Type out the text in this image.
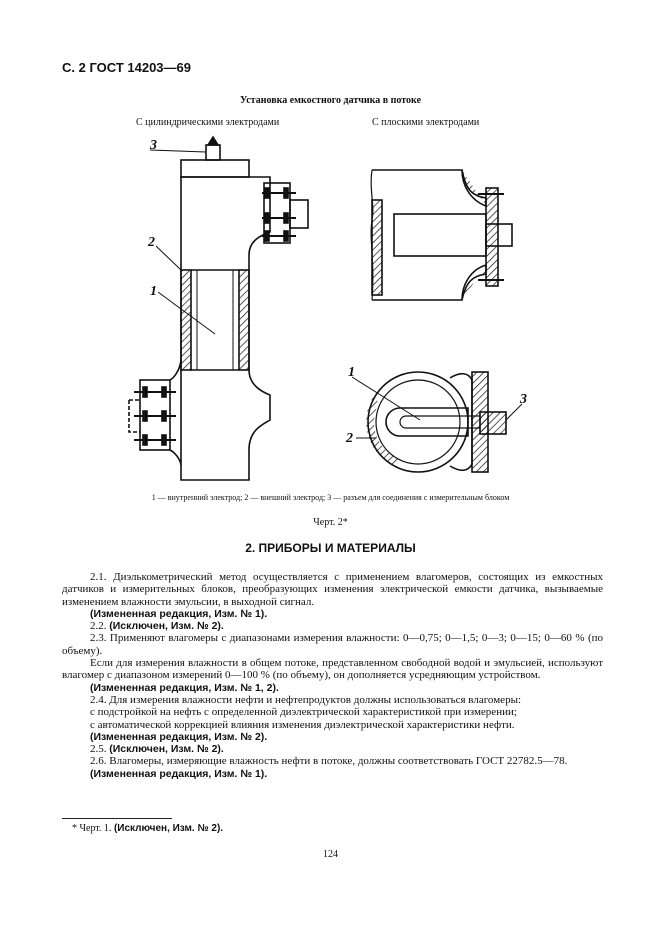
С. 2 ГОСТ 14203—69
Установка емкостного датчика в потоке
С цилиндрическими электродами	С плоскими электродами
3
2
1
1
2
3
1 — внутренний электрод; 2 — внешний электрод; 3 — разъем для соединения с измерительным блоком
Черт. 2*
2. ПРИБОРЫ И МАТЕРИАЛЫ

2.1. Диэлькометрический метод осуществляется с применением влагомеров, состоящих из емкостных датчиков и измерительных блоков, преобразующих изменения электрической емкости датчика, вызываемые изменением влажности эмульсии, в выходной сигнал.

(Измененная редакция, Изм. № 1).

2.2. (Исключен, Изм. № 2).

2.3. Применяют влагомеры с диапазонами измерения влажности: 0—0,75; 0—1,5; 0—3; 0—15; 0—60 % (по объему).

Если для измерения влажности в общем потоке, представленном свободной водой и эмульсией, используют влагомер с диапазоном измерений 0—100 % (по объему), он дополняется усредняющим устройством.

(Измененная редакция, Изм. № 1, 2).

2.4. Для измерения влажности нефти и нефтепродуктов должны использоваться влагомеры:

с подстройкой на нефть с определенной диэлектрической характеристикой при измерении;

с автоматической коррекцией влияния изменения диэлектрической характеристики нефти.

(Измененная редакция, Изм. № 2).

2.5. (Исключен, Изм. № 2).

2.6. Влагомеры, измеряющие влажность нефти в потоке, должны соответствовать ГОСТ 22782.5—78.

(Измененная редакция, Изм. № 1).

* Черт. 1. (Исключен, Изм. № 2).
124
